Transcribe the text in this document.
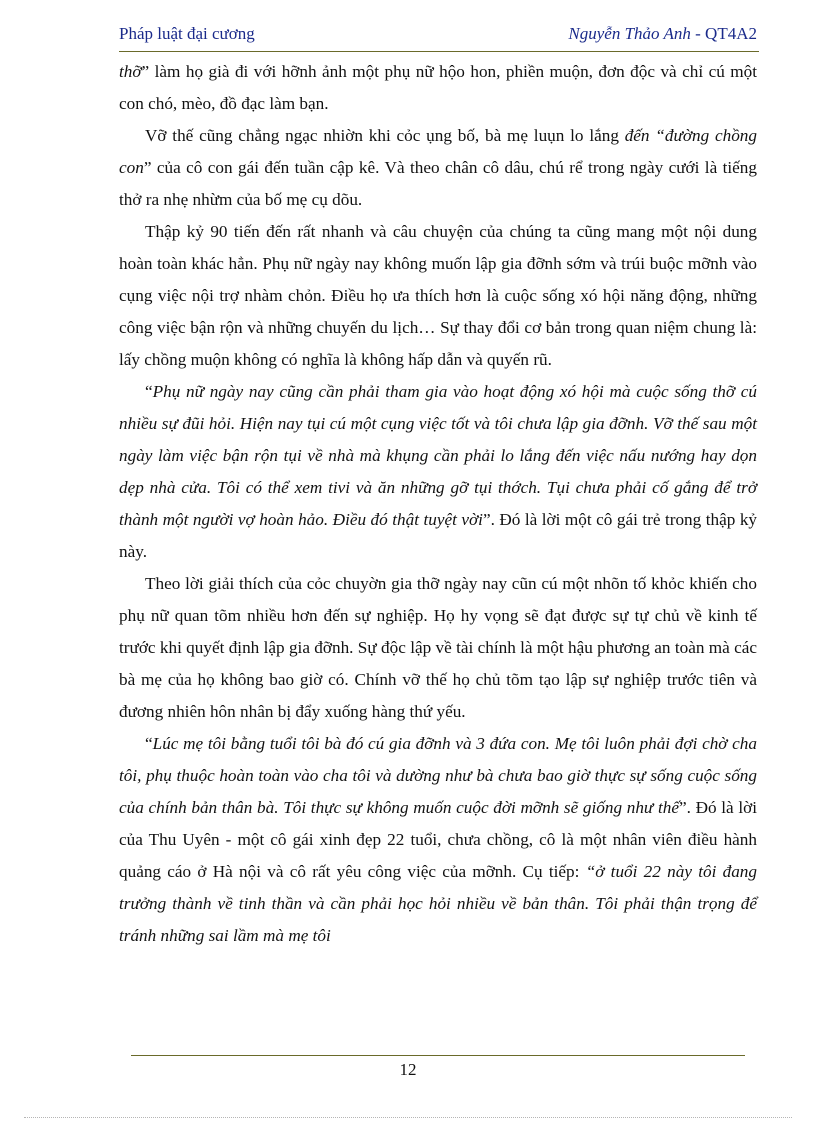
Pháp luật đại cương	Nguyễn Thảo Anh - QT4A2

thỡ” làm họ già đi với hỡnh ảnh một phụ nữ hộo hon, phiền muộn, đơn độc và chỉ cú một con chó, mèo, đồ đạc làm bạn.

Vỡ thế cũng chẳng ngạc nhiờn khi cỏc ụng bố, bà mẹ luụn lo lắng đến “đường chồng con” của cô con gái đến tuần cập kê. Và theo chân cô dâu, chú rể trong ngày cưới là tiếng thở ra nhẹ nhừm của bố mẹ cụ dõu.

Thập kỷ 90 tiến đến rất nhanh và câu chuyện của chúng ta cũng mang một nội dung hoàn toàn khác hẳn. Phụ nữ ngày nay không muốn lập gia đỡnh sớm và trúi buộc mỡnh vào cụng việc nội trợ nhàm chỏn. Điều họ ưa thích hơn là cuộc sống xó hội năng động, những công việc bận rộn và những chuyến du lịch… Sự thay đổi cơ bản trong quan niệm chung là: lấy chồng muộn không có nghĩa là không hấp dẫn và quyến rũ.

“Phụ nữ ngày nay cũng cần phải tham gia vào hoạt động xó hội mà cuộc sống thỡ cú nhiều sự đũi hỏi. Hiện nay tụi cú một cụng việc tốt và tôi chưa lập gia đỡnh. Vỡ thế sau một ngày làm việc bận rộn tụi về nhà mà khụng cần phải lo lắng đến việc nấu nướng hay dọn dẹp nhà cửa. Tôi có thể xem tivi và ăn những gỡ tụi thớch. Tụi chưa phải cố gắng để trở thành một người vợ hoàn hảo. Điều đó thật tuyệt vời”. Đó là lời một cô gái trẻ trong thập kỷ này.

Theo lời giải thích của cỏc chuyờn gia thỡ ngày nay cũn cú một nhõn tố khỏc khiến cho phụ nữ quan tõm nhiều hơn đến sự nghiệp. Họ hy vọng sẽ đạt được sự tự chủ về kinh tế trước khi quyết định lập gia đỡnh. Sự độc lập về tài chính là một hậu phương an toàn mà các bà mẹ của họ không bao giờ có. Chính vỡ thế họ chủ tõm tạo lập sự nghiệp trước tiên và đương nhiên hôn nhân bị đẩy xuống hàng thứ yếu.

“Lúc mẹ tôi bằng tuổi tôi bà đó cú gia đỡnh và 3 đứa con. Mẹ tôi luôn phải đợi chờ cha tôi, phụ thuộc hoàn toàn vào cha tôi và dường như bà chưa bao giờ thực sự sống cuộc sống của chính bản thân bà. Tôi thực sự không muốn cuộc đời mỡnh sẽ giống như thế”. Đó là lời của Thu Uyên - một cô gái xinh đẹp 22 tuổi, chưa chồng, cô là một nhân viên điều hành quảng cáo ở Hà nội và cô rất yêu công việc của mỡnh. Cụ tiếp: “ở tuổi 22 này tôi đang trưởng thành về tinh thần và cần phải học hỏi nhiều về bản thân. Tôi phải thận trọng để tránh những sai lầm mà mẹ tôi

12
